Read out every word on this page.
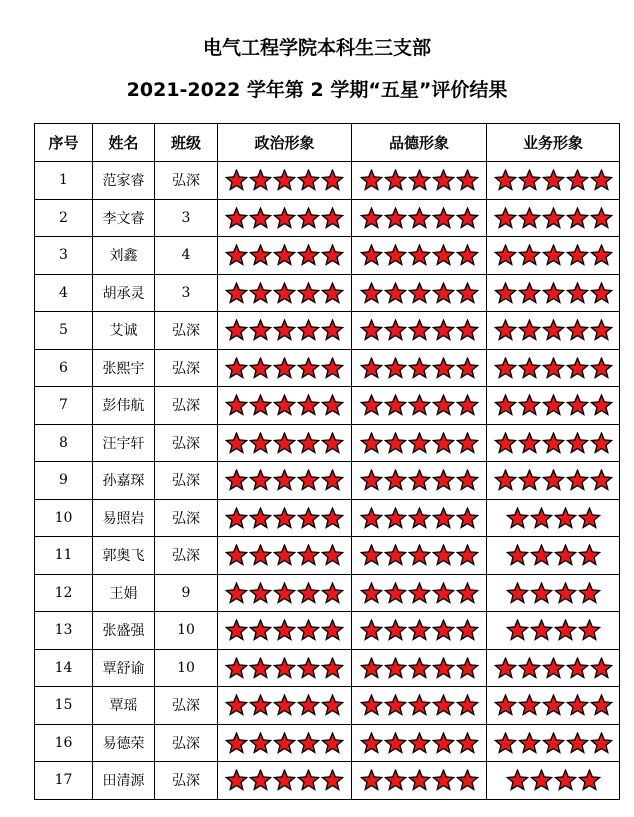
电气工程学院本科生三支部
2021-2022 学年第 2 学期“五星”评价结果
序号	姓名	班级	政治形象	品德形象	业务形象
1	范家睿	弘深	

2	李文睿	3	

3	刘鑫	4	

4	胡承灵	3	

5	艾诚	弘深	

6	张熙宇	弘深	

7	彭伟航	弘深	

8	汪宇轩	弘深	

9	孙嘉琛	弘深	

10	易照岩	弘深	

11	郭奥飞	弘深	

12	王娟	9	

13	张盛强	10	

14	覃舒谕	10	

15	覃瑶	弘深	

16	易德荣	弘深	

17	田清源	弘深	
